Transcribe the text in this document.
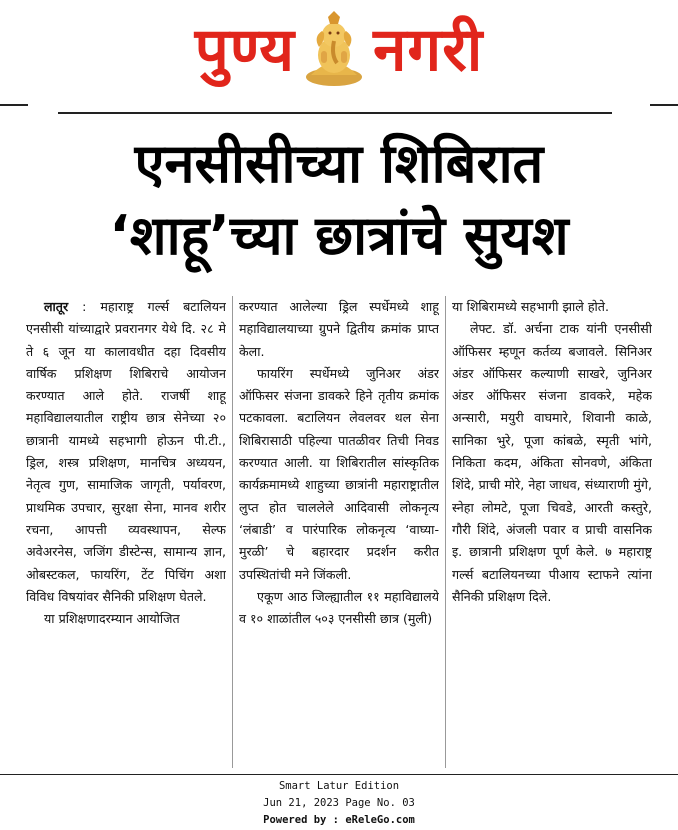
पुण्य नगरी
एनसीसीच्या शिबिरात
‘शाहू’च्या छात्रांचे सुयश

लातूर : महाराष्ट्र गर्ल्स बटालियन एनसीसी यांच्याद्वारे प्रवरानगर येथे दि. २८ मे ते ६ जून या कालावधीत दहा दिवसीय वार्षिक प्रशिक्षण शिबिराचे आयोजन करण्यात आले होते. राजर्षी शाहू महाविद्यालयातील राष्ट्रीय छात्र सेनेच्या २० छात्रानी यामध्ये सहभागी होऊन पी.टी., ड्रिल, शस्त्र प्रशिक्षण, मानचित्र अध्ययन, नेतृत्व गुण, सामाजिक जागृती, पर्यावरण, प्राथमिक उपचार, सुरक्षा सेना, मानव शरीर रचना, आपत्ती व्यवस्थापन, सेल्फ अवेअरनेस, जजिंग डीस्टेन्स, सामान्य ज्ञान, ओबस्टकल, फायरिंग, टेंट पिचिंग अशा विविध विषयांवर सैनिकी प्रशिक्षण घेतले.

या प्रशिक्षणादरम्यान आयोजित

करण्यात आलेल्या ड्रिल स्पर्धेमध्ये शाहू महाविद्यालयाच्या ग्रुपने द्वितीय क्रमांक प्राप्त केला.

फायरिंग स्पर्धेमध्ये जुनिअर अंडर ऑफिसर संजना डावकरे हिने तृतीय क्रमांक पटकावला. बटालियन लेवलवर थल सेना शिबिरासाठी पहिल्या पातळीवर तिची निवड करण्यात आली. या शिबिरातील सांस्कृतिक कार्यक्रमामध्ये शाहुच्या छात्रांनी महाराष्ट्रातील लुप्त होत चाललेले आदिवासी लोकनृत्य ‘लंबाडी’ व पारंपारिक लोकनृत्य ‘वाघ्या-मुरळी’ चे बहारदार प्रदर्शन करीत उपस्थितांची मने जिंकली.

एकूण आठ जिल्ह्यातील ११ महाविद्यालये व १० शाळांतील ५०३ एनसीसी छात्र (मुली)

या शिबिरामध्ये सहभागी झाले होते.

लेफ्ट. डॉ. अर्चना टाक यांनी एनसीसी ऑफिसर म्हणून कर्तव्य बजावले. सिनिअर अंडर ऑफिसर कल्याणी साखरे, जुनिअर अंडर ऑफिसर संजना डावकरे, महेक अन्सारी, मयुरी वाघमारे, शिवानी काळे, सानिका भुरे, पूजा कांबळे, स्मृती भांगे, निकिता कदम, अंकिता सोनवणे, अंकिता शिंदे, प्राची मोरे, नेहा जाधव, संध्याराणी मुंगे, स्नेहा लोमटे, पूजा चिवडे, आरती कस्तुरे, गौरी शिंदे, अंजली पवार व प्राची वासनिक इ. छात्रानी प्रशिक्षण पूर्ण केले. ७ महाराष्ट्र गर्ल्स बटालियनच्या पीआय स्टाफने त्यांना सैनिकी प्रशिक्षण दिले.

Smart Latur Edition
Jun 21, 2023 Page No. 03
Powered by : eReleGo.com
